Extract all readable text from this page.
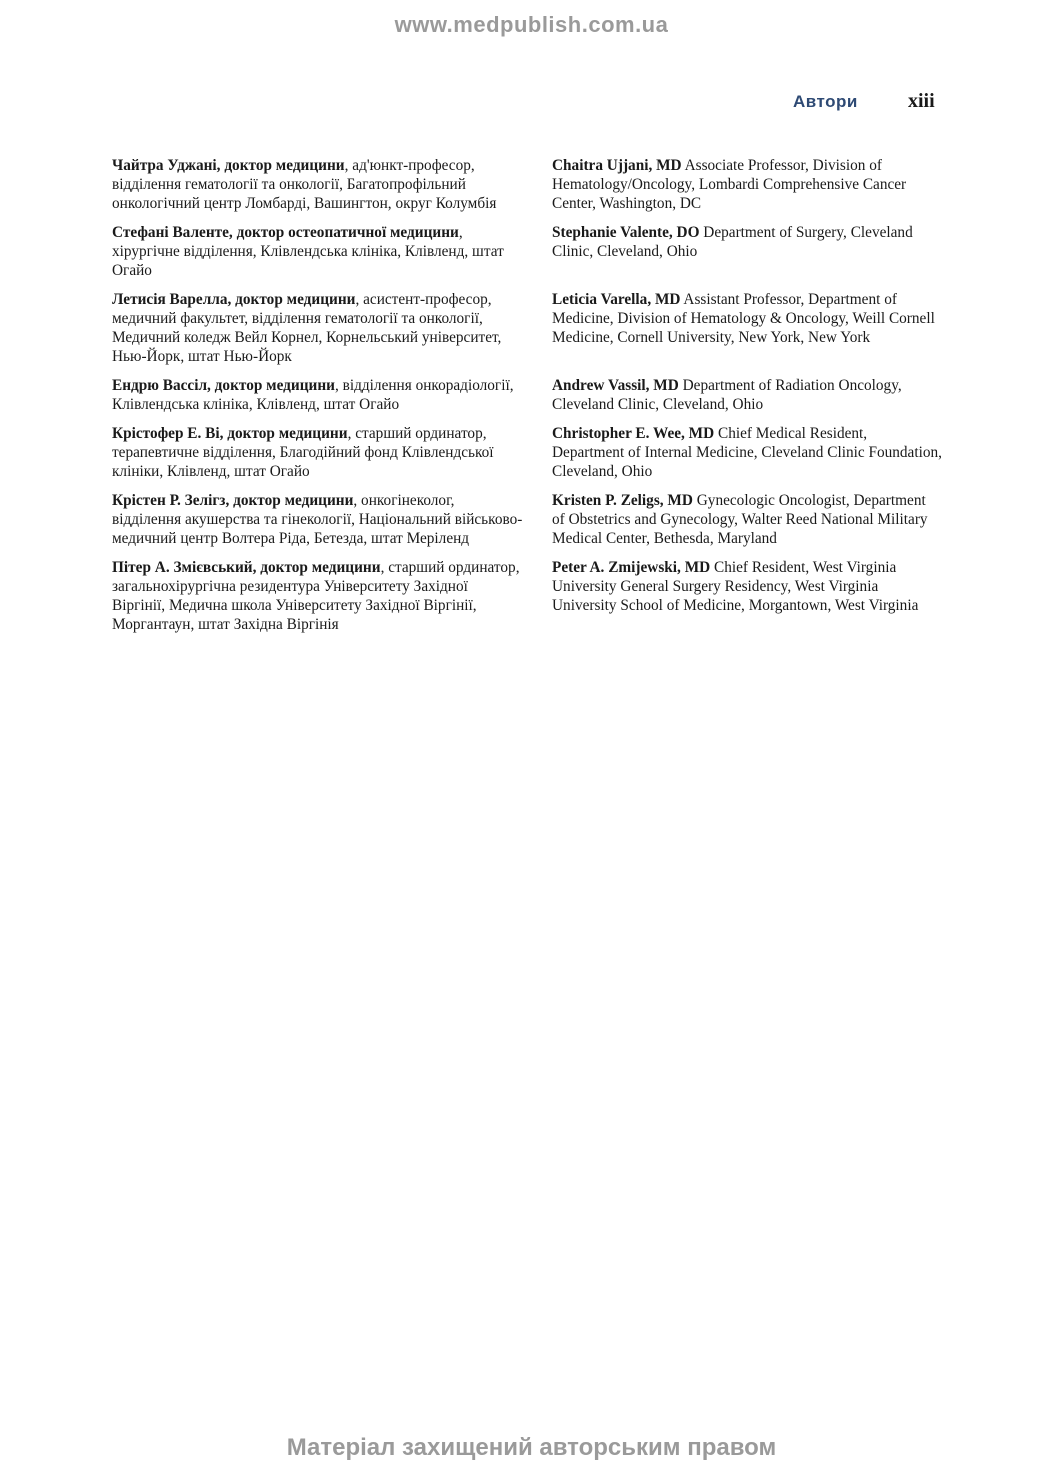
www.medpublish.com.ua
Автори	xiii
Чайтра Уджані, доктор медицини, ад'юнкт-професор, відділення гематології та онкології, Багатопрофільний онкологічний центр Ломбарді, Вашингтон, округ Колумбія
Chaitra Ujjani, MD Associate Professor, Division of Hematology/Oncology, Lombardi Comprehensive Cancer Center, Washington, DC
Стефані Валенте, доктор остеопатичної медицини, хірургічне відділення, Клівлендська клініка, Клівленд, штат Огайо
Stephanie Valente, DO Department of Surgery, Cleveland Clinic, Cleveland, Ohio
Летисія Варелла, доктор медицини, асистент-професор, медичний факультет, відділення гематології та онкології, Медичний коледж Вейл Корнел, Корнельський університет, Нью-Йорк, штат Нью-Йорк
Leticia Varella, MD Assistant Professor, Department of Medicine, Division of Hematology & Oncology, Weill Cornell Medicine, Cornell University, New York, New York
Ендрю Вассіл, доктор медицини, відділення онкорадіології, Клівлендська клініка, Клівленд, штат Огайо
Andrew Vassil, MD Department of Radiation Oncology, Cleveland Clinic, Cleveland, Ohio
Крістофер Е. Ві, доктор медицини, старший ординатор, терапевтичне відділення, Благодійний фонд Клівлендської клініки, Клівленд, штат Огайо
Christopher E. Wee, MD Chief Medical Resident, Department of Internal Medicine, Cleveland Clinic Foundation, Cleveland, Ohio
Крістен Р. Зелігз, доктор медицини, онкогінеколог, відділення акушерства та гінекології, Національний військово-медичний центр Волтера Ріда, Бетезда, штат Меріленд
Kristen P. Zeligs, MD Gynecologic Oncologist, Department of Obstetrics and Gynecology, Walter Reed National Military Medical Center, Bethesda, Maryland
Пітер А. Змієвський, доктор медицини, старший ординатор, загальнохірургічна резидентура Університету Західної Віргінії, Медична школа Університету Західної Віргінії, Моргантаун, штат Західна Віргінія
Peter A. Zmijewski, MD Chief Resident, West Virginia University General Surgery Residency, West Virginia University School of Medicine, Morgantown, West Virginia
Матеріал захищений авторським правом
